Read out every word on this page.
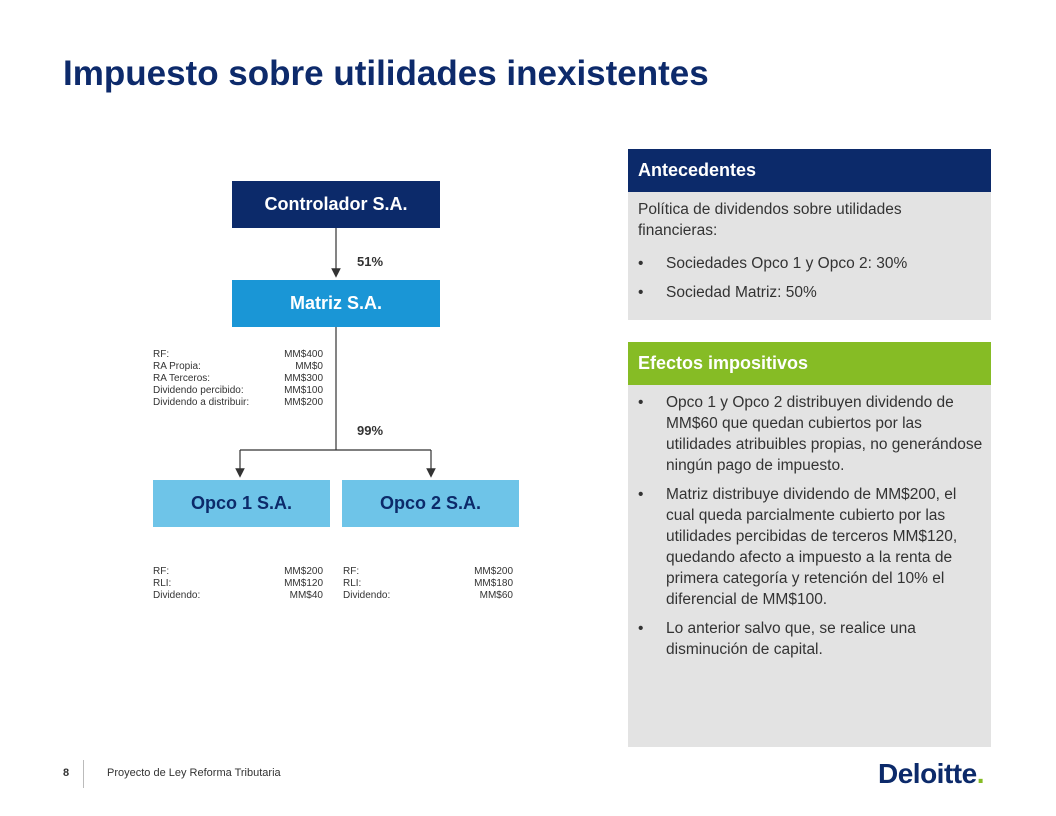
Impuesto sobre utilidades inexistentes
Controlador S.A.
Matriz S.A.
Opco 1 S.A.	Opco 2 S.A.
51%
99%
RF:	MM$400
RA Propia:	MM$0
RA Terceros:	MM$300
Dividendo percibido:	MM$100
Dividendo a distribuir:	MM$200
RF:	MM$200
RLI:	MM$120
Dividendo:	MM$40
RF:	MM$200
RLI:	MM$180
Dividendo:	MM$60
Antecedentes
Política de dividendos sobre utilidades financieras:
• Sociedades Opco 1 y Opco 2: 30%
• Sociedad Matriz: 50%
Efectos impositivos
• Opco 1 y Opco 2 distribuyen dividendo de MM$60 que quedan cubiertos por las utilidades atribuibles propias, no generándose ningún pago de impuesto.
• Matriz distribuye dividendo de MM$200, el cual queda parcialmente cubierto por las utilidades percibidas de terceros MM$120, quedando afecto a impuesto a la renta de primera categoría y retención del 10% el diferencial de MM$100.
• Lo anterior salvo que, se realice una disminución de capital.
8	Proyecto de Ley Reforma Tributaria	Deloitte.
